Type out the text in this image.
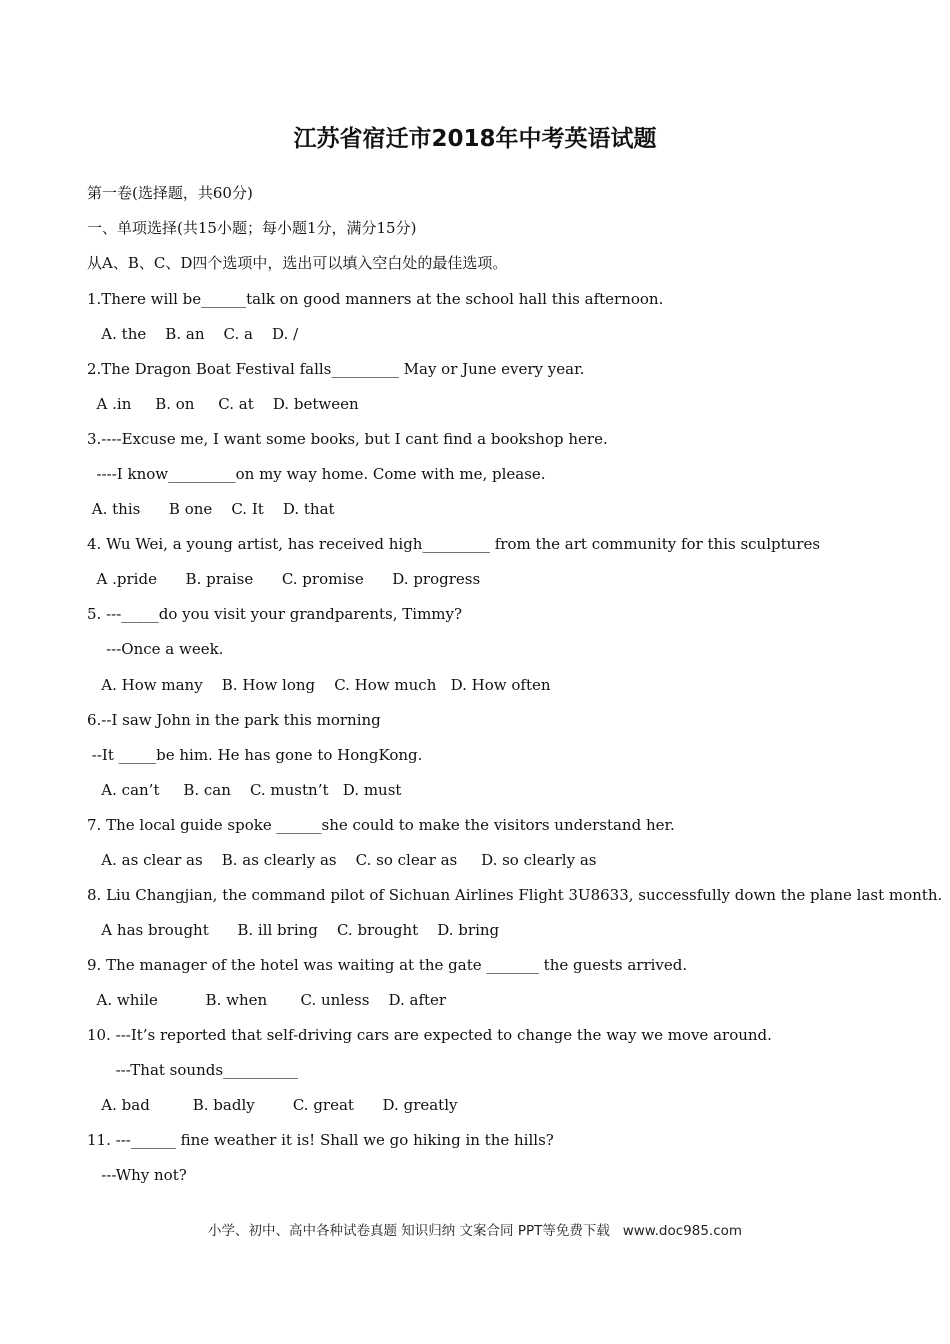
江苏省宿迁市2018年中考英语试题
第一卷(选择题，共60分)
一、单项选择(共15小题；每小题1分，满分15分)
从A、B、C、D四个选项中，选出可以填入空白处的最佳选项。
1.There will be______talk on good manners at the school hall this afternoon.
A. the    B. an    C. a    D. /
2.The Dragon Boat Festival falls_________ May or June every year.
A .in     B. on     C. at    D. between
3.----Excuse me, I want some books, but I cant find a bookshop here.
----I know_________on my way home. Come with me, please.
A. this      B one    C. It    D. that
4. Wu Wei, a young artist, has received high_________ from the art community for this sculptures
A .pride      B. praise      C. promise      D. progress
5. ---_____do you visit your grandparents, Timmy?
---Once a week.
A. How many    B. How long    C. How much   D. How often
6.--I saw John in the park this morning
--It _____be him. He has gone to HongKong.
A. can’t     B. can    C. mustn’t   D. must
7. The local guide spoke ______she could to make the visitors understand her.
A. as clear as    B. as clearly as    C. so clear as     D. so clearly as
8. Liu Changjian, the command pilot of Sichuan Airlines Flight 3U8633, successfully down the plane last month.
A has brought      B. ill bring    C. brought    D. bring
9. The manager of the hotel was waiting at the gate _______ the guests arrived.
A. while          B. when       C. unless    D. after
10. ---It’s reported that self-driving cars are expected to change the way we move around.
---That sounds__________
A. bad         B. badly        C. great      D. greatly
11. ---______ fine weather it is! Shall we go hiking in the hills?
---Why not?
小学、初中、高中各种试卷真题 知识归纳 文案合同 PPT等免费下载   www.doc985.com
